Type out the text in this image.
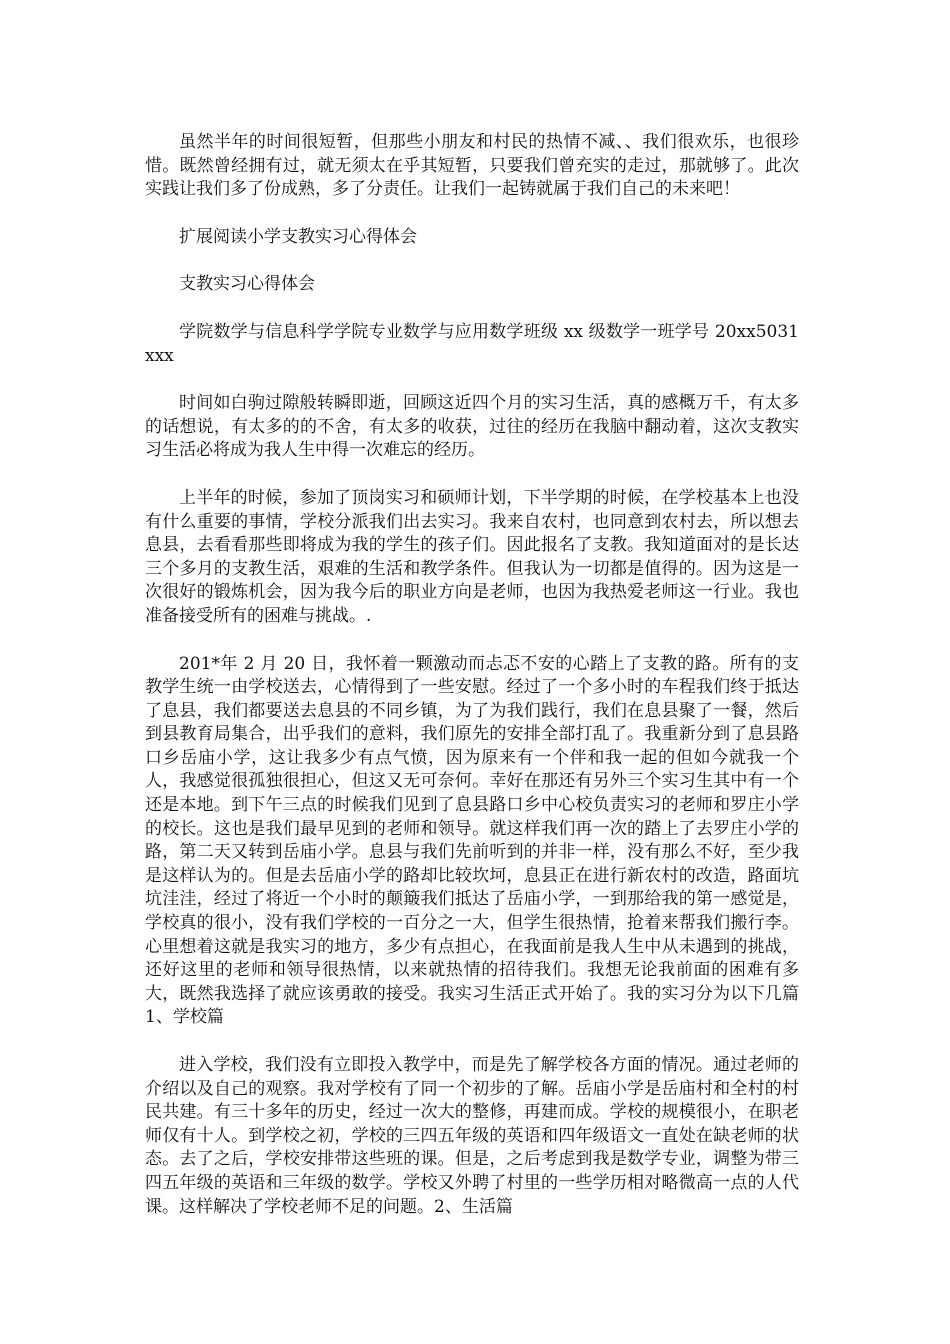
虽然半年的时间很短暂，但那些小朋友和村民的热情不减、、我们很欢乐，也很珍惜。既然曾经拥有过，就无须太在乎其短暂，只要我们曾充实的走过，那就够了。此次实践让我们多了份成熟，多了分责任。让我们一起铸就属于我们自己的未来吧！

扩展阅读小学支教实习心得体会

支教实习心得体会

学院数学与信息科学学院专业数学与应用数学班级 xx 级数学一班学号 20xx5031xxx

时间如白驹过隙般转瞬即逝，回顾这近四个月的实习生活，真的感概万千，有太多的话想说，有太多的的不舍，有太多的收获，过往的经历在我脑中翻动着，这次支教实习生活必将成为我人生中得一次难忘的经历。

上半年的时候，参加了顶岗实习和硕师计划，下半学期的时候，在学校基本上也没有什么重要的事情，学校分派我们出去实习。我来自农村，也同意到农村去，所以想去息县，去看看那些即将成为我的学生的孩子们。因此报名了支教。我知道面对的是长达三个多月的支教生活，艰难的生活和教学条件。但我认为一切都是值得的。因为这是一次很好的锻炼机会，因为我今后的职业方向是老师，也因为我热爱老师这一行业。我也准备接受所有的困难与挑战。.

201*年 2 月 20 日，我怀着一颗激动而忐忑不安的心踏上了支教的路。所有的支教学生统一由学校送去，心情得到了一些安慰。经过了一个多小时的车程我们终于抵达了息县，我们都要送去息县的不同乡镇，为了为我们践行，我们在息县聚了一餐，然后到县教育局集合，出乎我们的意料，我们原先的安排全部打乱了。我重新分到了息县路口乡岳庙小学，这让我多少有点气愤，因为原来有一个伴和我一起的但如今就我一个人，我感觉很孤独很担心，但这又无可奈何。幸好在那还有另外三个实习生其中有一个还是本地。到下午三点的时候我们见到了息县路口乡中心校负责实习的老师和罗庄小学的校长。这也是我们最早见到的老师和领导。就这样我们再一次的踏上了去罗庄小学的路，第二天又转到岳庙小学。息县与我们先前听到的并非一样，没有那么不好，至少我是这样认为的。但是去岳庙小学的路却比较坎坷，息县正在进行新农村的改造，路面坑坑洼洼，经过了将近一个小时的颠簸我们抵达了岳庙小学，一到那给我的第一感觉是，学校真的很小，没有我们学校的一百分之一大，但学生很热情，抢着来帮我们搬行李。心里想着这就是我实习的地方，多少有点担心，在我面前是我人生中从未遇到的挑战，还好这里的老师和领导很热情，以来就热情的招待我们。我想无论我前面的困难有多大，既然我选择了就应该勇敢的接受。我实习生活正式开始了。我的实习分为以下几篇 1、学校篇

进入学校，我们没有立即投入教学中，而是先了解学校各方面的情况。通过老师的介绍以及自己的观察。我对学校有了同一个初步的了解。岳庙小学是岳庙村和全村的村民共建。有三十多年的历史，经过一次大的整修，再建而成。学校的规模很小，在职老师仅有十人。到学校之初，学校的三四五年级的英语和四年级语文一直处在缺老师的状态。去了之后，学校安排带这些班的课。但是，之后考虑到我是数学专业，调整为带三四五年级的英语和三年级的数学。学校又外聘了村里的一些学历相对略微高一点的人代课。这样解决了学校老师不足的问题。2、生活篇
